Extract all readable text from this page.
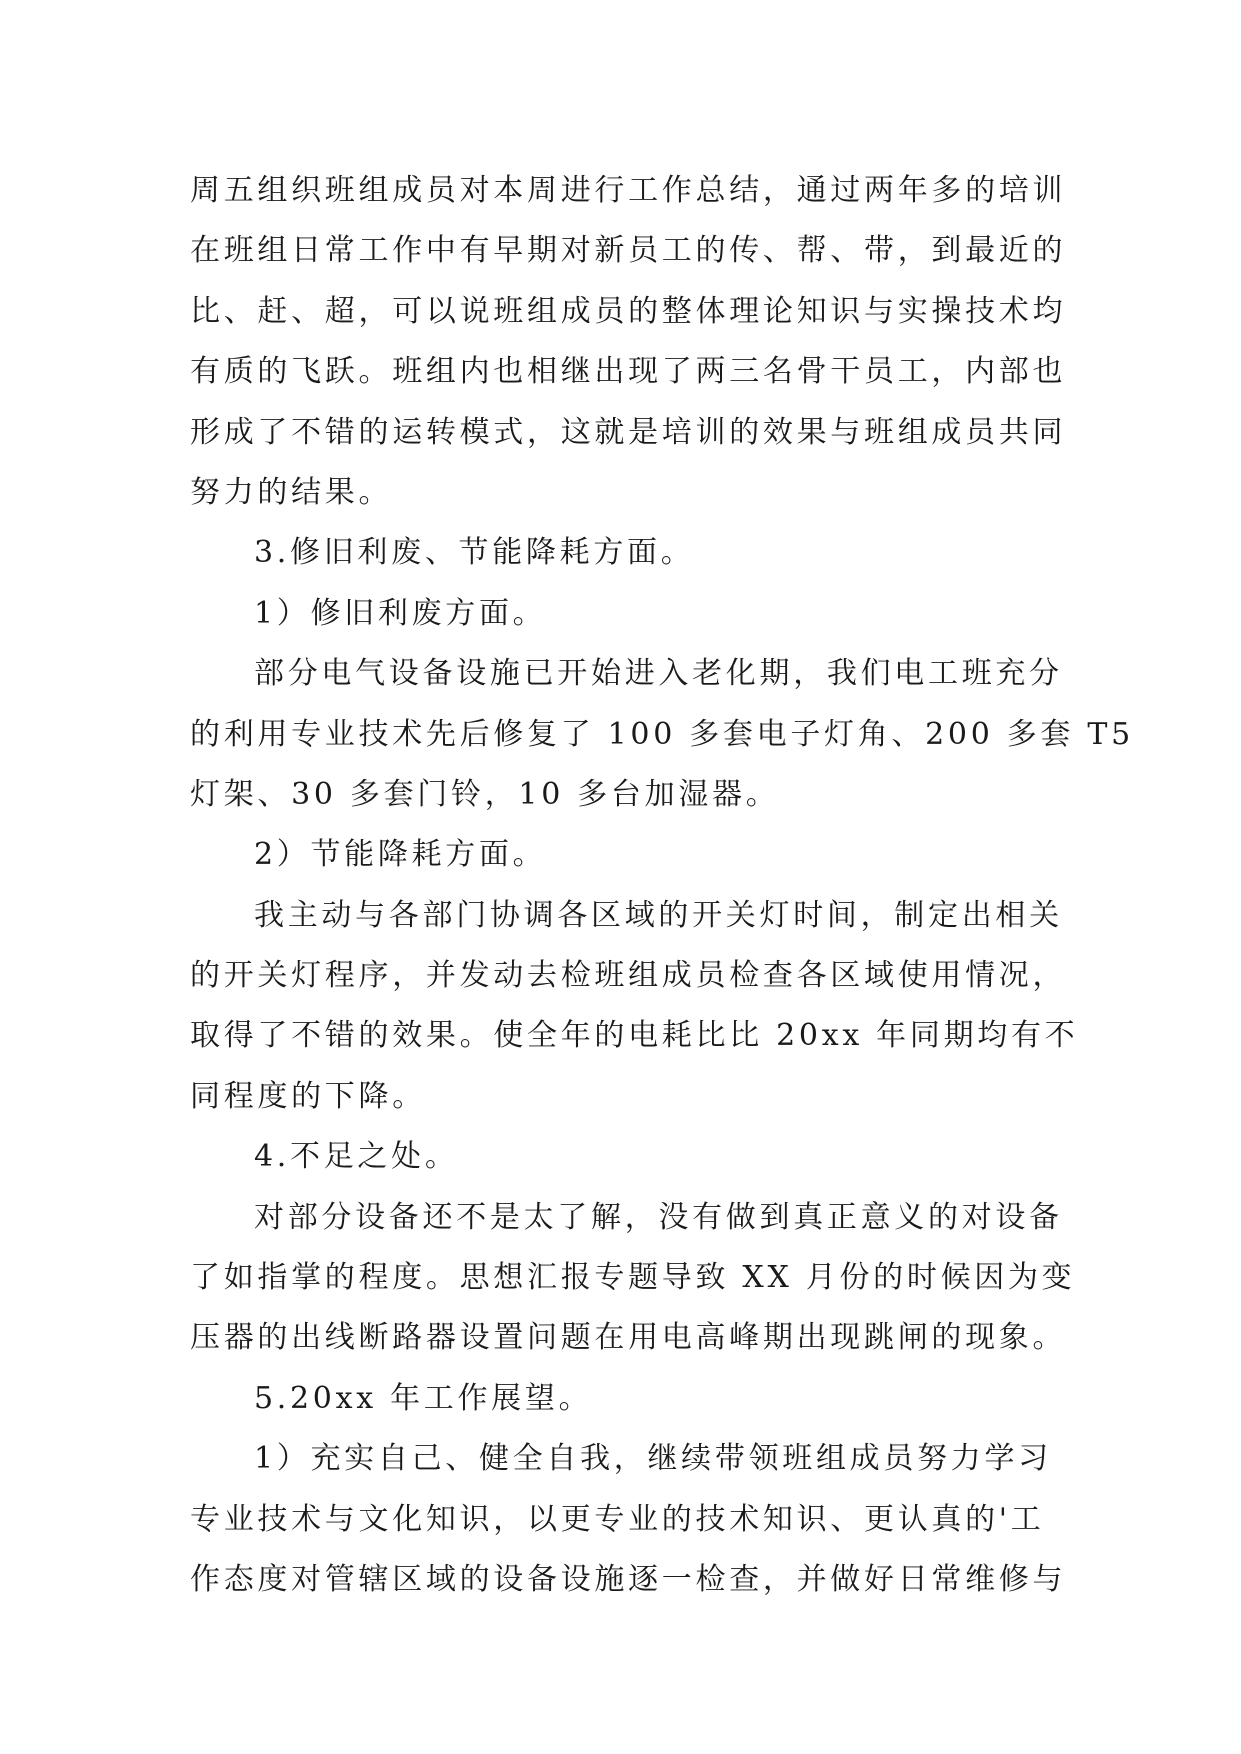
周五组织班组成员对本周进行工作总结，通过两年多的培训
在班组日常工作中有早期对新员工的传、帮、带，到最近的
比、赶、超，可以说班组成员的整体理论知识与实操技术均
有质的飞跃。班组内也相继出现了两三名骨干员工，内部也
形成了不错的运转模式，这就是培训的效果与班组成员共同
努力的结果。
3.修旧利废、节能降耗方面。
1）修旧利废方面。
部分电气设备设施已开始进入老化期，我们电工班充分
的利用专业技术先后修复了 100 多套电子灯角、200 多套 T5
灯架、30 多套门铃，10 多台加湿器。
2）节能降耗方面。
我主动与各部门协调各区域的开关灯时间，制定出相关
的开关灯程序，并发动去检班组成员检查各区域使用情况，
取得了不错的效果。使全年的电耗比比 20xx 年同期均有不
同程度的下降。
4.不足之处。
对部分设备还不是太了解，没有做到真正意义的对设备
了如指掌的程度。思想汇报专题导致 XX 月份的时候因为变
压器的出线断路器设置问题在用电高峰期出现跳闸的现象。
5.20xx 年工作展望。
1）充实自己、健全自我，继续带领班组成员努力学习
专业技术与文化知识，以更专业的技术知识、更认真的'工
作态度对管辖区域的设备设施逐一检查，并做好日常维修与
